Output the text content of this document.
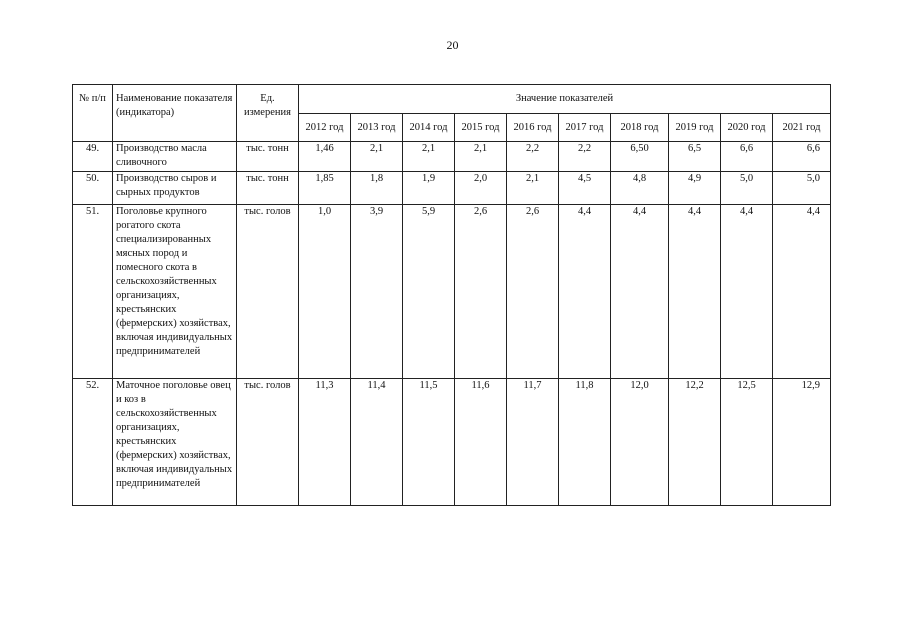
20
№ п/п	Наименование показателя (индикатора)	Ед. измерения	Значение показателей									
			2012 год	2013 год	2014 год	2015 год	2016 год	2017 год	2018 год	2019 год	2020 год	2021 год
49.	Производство масла сливочного	тыс. тонн	1,46	2,1	2,1	2,1	2,2	2,2	6,50	6,5	6,6	6,6
50.	Производство сыров и сырных продуктов	тыс. тонн	1,85	1,8	1,9	2,0	2,1	4,5	4,8	4,9	5,0	5,0
51.	Поголовье крупного рогатого скота специализированных мясных пород и помесного скота в сельскохозяйственных организациях, крестьянских (фермерских) хозяйствах, включая индивидуальных предпринимателей	тыс. голов	1,0	3,9	5,9	2,6	2,6	4,4	4,4	4,4	4,4	4,4
52.	Маточное поголовье овец и коз в сельскохозяйственных организациях, крестьянских (фермерских) хозяйствах, включая индивидуальных предпринимателей	тыс. голов	11,3	11,4	11,5	11,6	11,7	11,8	12,0	12,2	12,5	12,9
